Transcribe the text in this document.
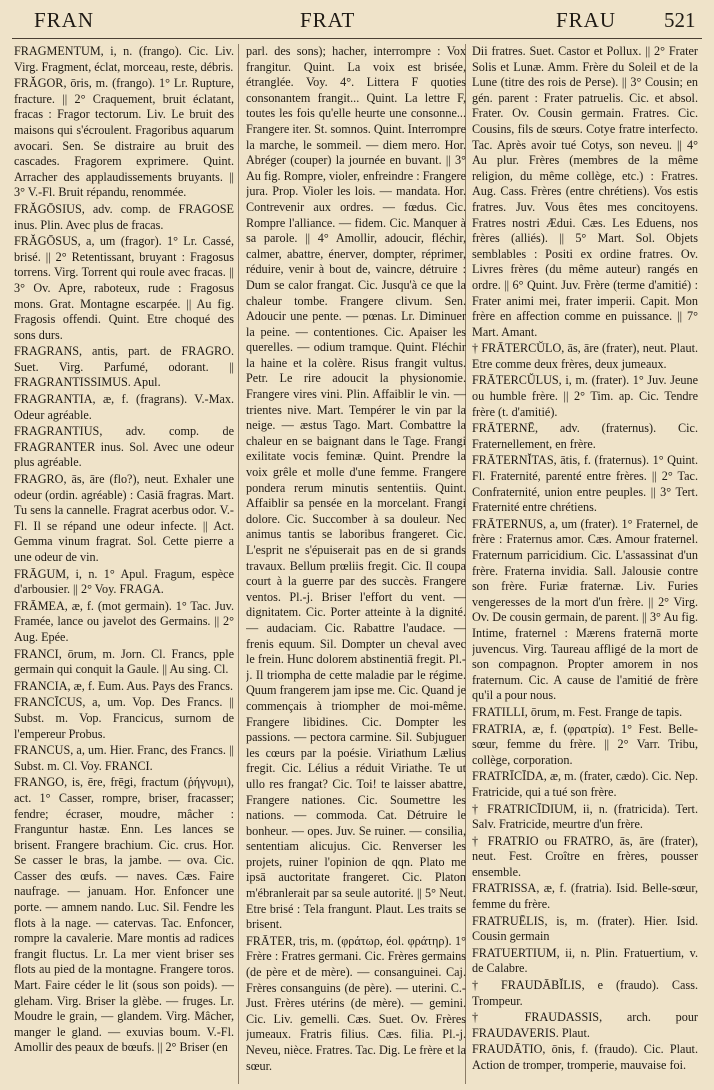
FRAN	FRAT	FRAU 521

FRAGMENTUM, i, n. (frango). Cic. Liv. Virg. Fragment, éclat, morceau, reste, débris.

FRĂGOR, ōris, m. (frango). 1° Lr. Rupture, fracture. || 2° Craquement, bruit éclatant, fracas : Fragor tectorum. Liv. Le bruit des maisons qui s'écroulent. Fragoribus aquarum avocari. Sen. Se distraire au bruit des cascades. Fragorem exprimere. Quint. Arracher des applaudissements bruyants. || 3° V.-Fl. Bruit répandu, renommée.

FRĂGŌSIUS, adv. comp. de FRAGOSE inus. Plin. Avec plus de fracas.

FRĂGŌSUS, a, um (fragor). 1° Lr. Cassé, brisé. || 2° Retentissant, bruyant : Fragosus torrens. Virg. Torrent qui roule avec fracas. || 3° Ov. Apre, raboteux, rude : Fragosus mons. Grat. Montagne escarpée. || Au fig. Fragosis offendi. Quint. Etre choqué des sons durs.

FRAGRANS, antis, part. de FRAGRO. Suet. Virg. Parfumé, odorant. || FRAGRANTISSIMUS. Apul.

FRAGRANTIA, æ, f. (fragrans). V.-Max. Odeur agréable.

FRAGRANTIUS, adv. comp. de FRAGRANTER inus. Sol. Avec une odeur plus agréable.

FRAGRO, ās, āre (flo?), neut. Exhaler une odeur (ordin. agréable) : Casiā fragras. Mart. Tu sens la cannelle. Fragrat acerbus odor. V.-Fl. Il se répand une odeur infecte. || Act. Gemma vinum fragrat. Sol. Cette pierre a une odeur de vin.

FRĀGUM, i, n. 1° Apul. Fragum, espèce d'arbousier. || 2° Voy. FRAGA.

FRĀMEA, æ, f. (mot germain). 1° Tac. Juv. Framée, lance ou javelot des Germains. || 2° Aug. Epée.

FRANCI, ōrum, m. Jorn. Cl. Francs, pple germain qui conquit la Gaule. || Au sing. Cl.

FRANCIA, æ, f. Eum. Aus. Pays des Francs.

FRANCĪCUS, a, um. Vop. Des Francs. || Subst. m. Vop. Francicus, surnom de l'empereur Probus.

FRANCUS, a, um. Hier. Franc, des Francs. || Subst. m. Cl. Voy. FRANCI.

FRANGO, is, ēre, frēgi, fractum (ῥήγνυμι), act. 1° Casser, rompre, briser, fracasser; fendre; écraser, moudre, mâcher : Franguntur hastæ. Enn. Les lances se brisent. Frangere brachium. Cic. crus. Hor. Se casser le bras, la jambe. — ova. Cic. Casser des œufs. — naves. Cæs. Faire naufrage. — januam. Hor. Enfoncer une porte. — amnem nando. Luc. Sil. Fendre les flots à la nage. — catervas. Tac. Enfoncer, rompre la cavalerie. Mare montis ad radices frangit fluctus. Lr. La mer vient briser ses flots au pied de la montagne. Frangere toros. Mart. Faire céder le lit (sous son poids). — gleham. Virg. Briser la glèbe. — fruges. Lr. Moudre le grain, — glandem. Virg. Mâcher, manger le gland. — exuvias boum. V.-Fl. Amollir des peaux de bœufs. || 2° Briser (en

parl. des sons); hacher, interrompre : Vox frangitur. Quint. La voix est brisée, étranglée. Voy. 4°. Littera F quoties consonantem frangit... Quint. La lettre F, toutes les fois qu'elle heurte une consonne... Frangere iter. St. somnos. Quint. Interrompre la marche, le sommeil. — diem mero. Hor. Abréger (couper) la journée en buvant. || 3° Au fig. Rompre, violer, enfreindre : Frangere jura. Prop. Violer les lois. — mandata. Hor. Contrevenir aux ordres. — fœdus. Cic. Rompre l'alliance. — fidem. Cic. Manquer à sa parole. || 4° Amollir, adoucir, fléchir, calmer, abattre, énerver, dompter, réprimer, réduire, venir à bout de, vaincre, détruire : Dum se calor frangat. Cic. Jusqu'à ce que la chaleur tombe. Frangere clivum. Sen. Adoucir une pente. — pœnas. Lr. Diminuer la peine. — contentiones. Cic. Apaiser les querelles. — odium tramque. Quint. Fléchir la haine et la colère. Risus frangit vultus. Petr. Le rire adoucit la physionomie. Frangere vires vini. Plin. Affaiblir le vin. — trientes nive. Mart. Tempérer le vin par la neige. — æstus Tago. Mart. Combattre la chaleur en se baignant dans le Tage. Frangi exilitate vocis feminæ. Quint. Prendre la voix grêle et molle d'une femme. Frangere pondera rerum minutis sententiis. Quint. Affaiblir sa pensée en la morcelant. Frangi dolore. Cic. Succomber à sa douleur. Nec animus tantis se laboribus frangeret. Cic. L'esprit ne s'épuiserait pas en de si grands travaux. Bellum prœliis fregit. Cic. Il coupa court à la guerre par des succès. Frangere ventos. Pl.-j. Briser l'effort du vent. — dignitatem. Cic. Porter atteinte à la dignité. — audaciam. Cic. Rabattre l'audace. — frenis equum. Sil. Dompter un cheval avec le frein. Hunc dolorem abstinentiā fregit. Pl.-j. Il triompha de cette maladie par le régime. Quum frangerem jam ipse me. Cic. Quand je commençais à triompher de moi-même. Frangere libidines. Cic. Dompter les passions. — pectora carmine. Sil. Subjuguer les cœurs par la poésie. Viriathum Lælius fregit. Cic. Lélius a réduit Viriathe. Te ut ullo res frangat? Cic. Toi! te laisser abattre, Frangere nationes. Cic. Soumettre les nations. — commoda. Cat. Détruire le bonheur. — opes. Juv. Se ruiner. — consilia, sententiam alicujus. Cic. Renverser les projets, ruiner l'opinion de qqn. Plato me ipsā auctoritate frangeret. Cic. Platon m'ébranlerait par sa seule autorité. || 5° Neut. Etre brisé : Tela frangunt. Plaut. Les traits se brisent.

FRĀTER, tris, m. (φράτωρ, éol. φράτηρ). 1° Frère : Fratres germani. Cic. Frères germains (de père et de mère). — consanguinei. Caj. Frères consanguins (de père). — uterini. C.-Just. Frères utérins (de mère). — gemini. Cic. Liv. gemelli. Cæs. Suet. Ov. Frères jumeaux. Fratris filius. Cæs. filia. Pl.-j. Neveu, nièce. Fratres. Tac. Dig. Le frère et la sœur.

Dii fratres. Suet. Castor et Pollux. || 2° Frater Solis et Lunæ. Amm. Frère du Soleil et de la Lune (titre des rois de Perse). || 3° Cousin; en gén. parent : Frater patruelis. Cic. et absol. Frater. Ov. Cousin germain. Fratres. Cic. Cousins, fils de sœurs. Cotye fratre interfecto. Tac. Après avoir tué Cotys, son neveu. || 4° Au plur. Frères (membres de la même religion, du même collège, etc.) : Fratres. Aug. Cass. Frères (entre chrétiens). Vos estis fratres. Juv. Vous êtes mes concitoyens. Fratres nostri Ædui. Cæs. Les Eduens, nos frères (alliés). || 5° Mart. Sol. Objets semblables : Positi ex ordine fratres. Ov. Livres frères (du même auteur) rangés en ordre. || 6° Quint. Juv. Frère (terme d'amitié) : Frater animi mei, frater imperii. Capit. Mon frère en affection comme en puissance. || 7° Mart. Amant.

† FRĀTERCŬLO, ās, āre (frater), neut. Plaut. Etre comme deux frères, deux jumeaux.

FRĀTERCŬLUS, i, m. (frater). 1° Juv. Jeune ou humble frère. || 2° Tim. ap. Cic. Tendre frère (t. d'amitié).

FRĀTERNĒ, adv. (fraternus). Cic. Fraternellement, en frère.

FRĀTERNĬTAS, ātis, f. (fraternus). 1° Quint. Fl. Fraternité, parenté entre frères. || 2° Tac. Confraternité, union entre peuples. || 3° Tert. Fraternité entre chrétiens.

FRĀTERNUS, a, um (frater). 1° Fraternel, de frère : Fraternus amor. Cæs. Amour fraternel. Fraternum parricidium. Cic. L'assassinat d'un frère. Fraterna invidia. Sall. Jalousie contre son frère. Furiæ fraternæ. Liv. Furies vengeresses de la mort d'un frère. || 2° Virg. Ov. De cousin germain, de parent. || 3° Au fig. Intime, fraternel : Mærens fraternā morte juvencus. Virg. Taureau affligé de la mort de son compagnon. Propter amorem in nos fraternum. Cic. A cause de l'amitié de frère qu'il a pour nous.

FRATILLI, ōrum, m. Fest. Frange de tapis.

FRATRIA, æ, f. (φρατρία). 1° Fest. Belle-sœur, femme du frère. || 2° Varr. Tribu, collège, corporation.

FRATRĪCĪDA, æ, m. (frater, cædo). Cic. Nep. Fratricide, qui a tué son frère.

† FRATRICĪDIUM, ii, n. (fratricida). Tert. Salv. Fratricide, meurtre d'un frère.

† FRATRIO ou FRATRO, ās, āre (frater), neut. Fest. Croître en frères, pousser ensemble.

FRATRISSA, æ, f. (fratria). Isid. Belle-sœur, femme du frère.

FRATRUĒLIS, is, m. (frater). Hier. Isid. Cousin germain

FRATUERTIUM, ii, n. Plin. Fratuertium, v. de Calabre.

† FRAUDĀBĬLIS, e (fraudo). Cass. Trompeur.

† FRAUDASSIS, arch. pour FRAUDAVERIS. Plaut.

FRAUDĀTIO, ōnis, f. (fraudo). Cic. Plaut. Action de tromper, tromperie, mauvaise foi.
